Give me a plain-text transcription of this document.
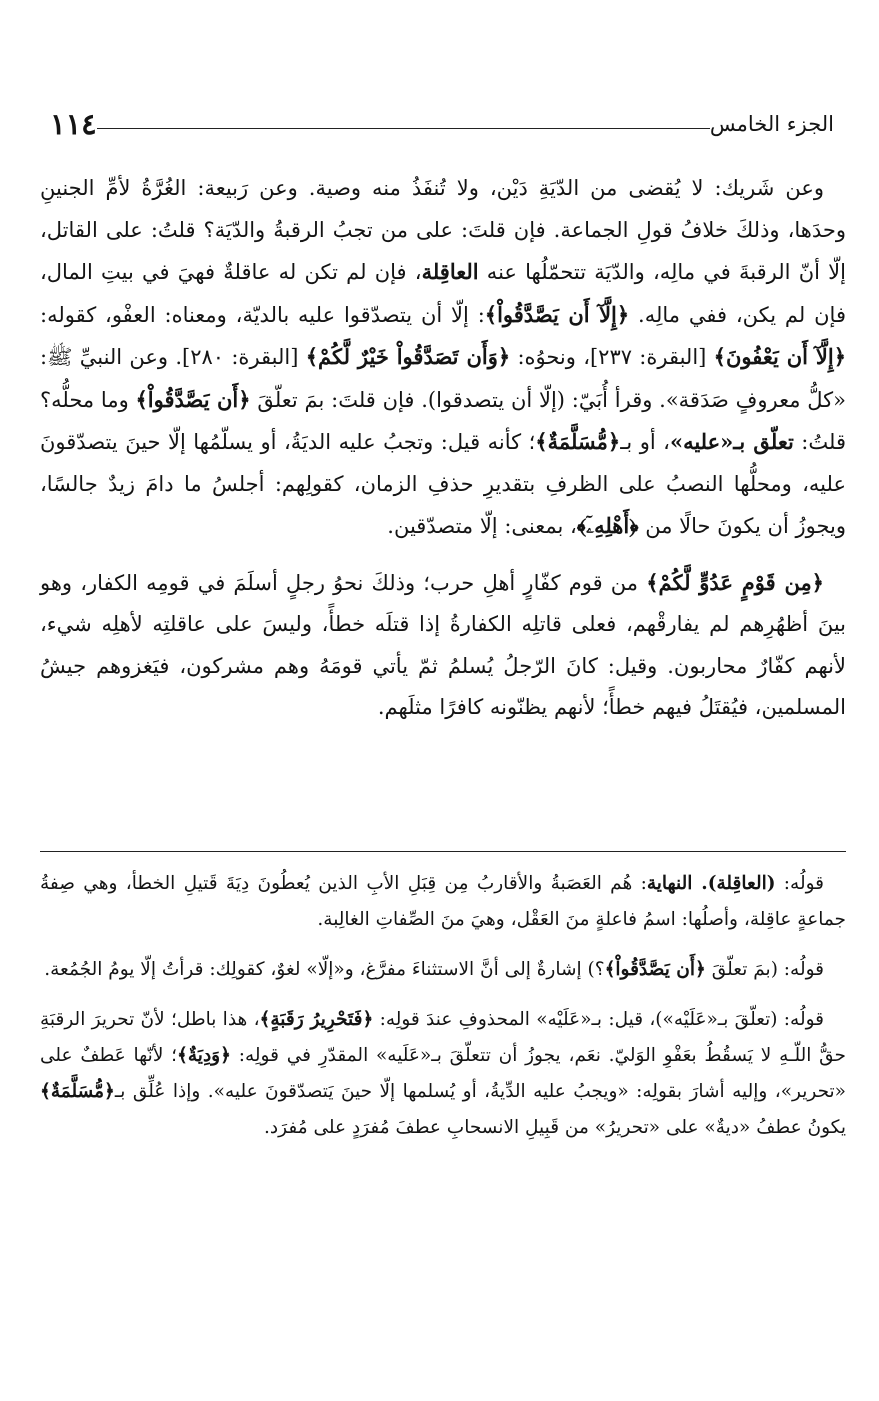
الجزء الخامس
١١٤

وعن شَريك: لا يُقضى من الدّيَةِ دَيْن، ولا تُنفَذُ منه وصية. وعن رَبيعة: الغُرَّةُ لأمِّ الجنينِ وحدَها، وذلكَ خلافُ قولِ الجماعة. فإن قلتَ: على من تجبُ الرقبةُ والدّيَة؟ قلتُ: على القاتل، إلّا أنّ الرقبةَ في مالِه، والدّيَة تتحمّلُها عنه العاقِلة، فإن لم تكن له عاقلةٌ فهيَ في بيتِ المال، فإن لم يكن، ففي مالِه. ﴿إِلَّآ أَن يَصَّدَّقُواْ﴾: إلّا أن يتصدّقوا عليه بالديّة، ومعناه: العفْو، كقوله: ﴿إِلَّآ أَن يَعْفُونَ﴾ [البقرة: ٢٣٧]، ونحوُه: ﴿وَأَن تَصَدَّقُواْ خَيْرٌ لَّكُمْ﴾ [البقرة: ٢٨٠]. وعن النبيِّ ﷺ: «كلُّ معروفٍ صَدَقة». وقرأ أُبَيّ: (إلّا أن يتصدقوا). فإن قلتَ: بمَ تعلّقَ ﴿أَن يَصَّدَّقُواْ﴾ وما محلُّه؟ قلتُ: تعلّق بـ«عليه»، أو بـ﴿مُّسَلَّمَةٌ﴾؛ كأنه قيل: وتجبُ عليه الديَةُ، أو يسلّمُها إلّا حينَ يتصدّقونَ عليه، ومحلُّها النصبُ على الظرفِ بتقديرِ حذفِ الزمان، كقولِهم: أجلسُ ما دامَ زيدٌ جالسًا، ويجوزُ أن يكونَ حالًا من ﴿أَهْلِهِۦٓ﴾، بمعنى: إلّا متصدّقين.

﴿مِن قَوْمٍ عَدُوٍّ لَّكُمْ﴾ من قوم كفّارٍ أهلِ حرب؛ وذلكَ نحوُ رجلٍ أسلَمَ في قومِه الكفار، وهو بينَ أظهُرِهم لم يفارقْهم، فعلى قاتلِه الكفارةُ إذا قتلَه خطأً، وليسَ على عاقلتِه لأهلِه شيء، لأنهم كفّارٌ محاربون. وقيل: كانَ الرّجلُ يُسلمُ ثمّ يأتي قومَهُ وهم مشركون، فيَغزوهم جيشُ المسلمين، فيُقتَلُ فيهم خطأً؛ لأنهم يظنّونه كافرًا مثلَهم.

قولُه: (العاقِلة). النهاية: هُم العَصَبةُ والأقاربُ مِن قِبَلِ الأبِ الذين يُعطُونَ دِيَةَ قَتيلِ الخطأ، وهي صِفةُ جماعةٍ عاقِلة، وأصلُها: اسمُ فاعلةٍ منَ العَقْل، وهيَ منَ الصِّفاتِ الغالِبة.

قولُه: (بمَ تعلّقَ ﴿أَن يَصَّدَّقُواْ﴾؟) إشارةٌ إلى أنَّ الاستثناءَ مفرَّغ، و«إلّا» لغوٌ، كقولِك: قرأتُ إلّا يومُ الجُمُعة.

قولُه: (تعلّقَ بـ«عَلَيْه»)، قيل: بـ«عَلَيْه» المحذوفِ عندَ قولِه: ﴿فَتَحْرِيرُ رَقَبَةٍ﴾، هذا باطل؛ لأنّ تحريرَ الرقبَةِ حقُّ اللّـهِ لا يَسقُطُ بعَفْوِ الوَليّ. نعَم، يجوزُ أن تتعلّقَ بـ«عَلَيه» المقدّرِ في قولِه: ﴿وَدِيَةٌ﴾؛ لأنّها عَطفٌ على «تحرير»، وإليه أشارَ بقولِه: «ويجبُ عليه الدِّيةُ، أو يُسلمها إلّا حينَ يَتصدّقونَ عليه». وإذا عُلِّق بـ﴿مُّسَلَّمَةٌ﴾ يكونُ عطفُ «ديةٌ» على «تحريرُ» من قَبِيلِ الانسحابِ عطفَ مُفرَدٍ على مُفرَد.
